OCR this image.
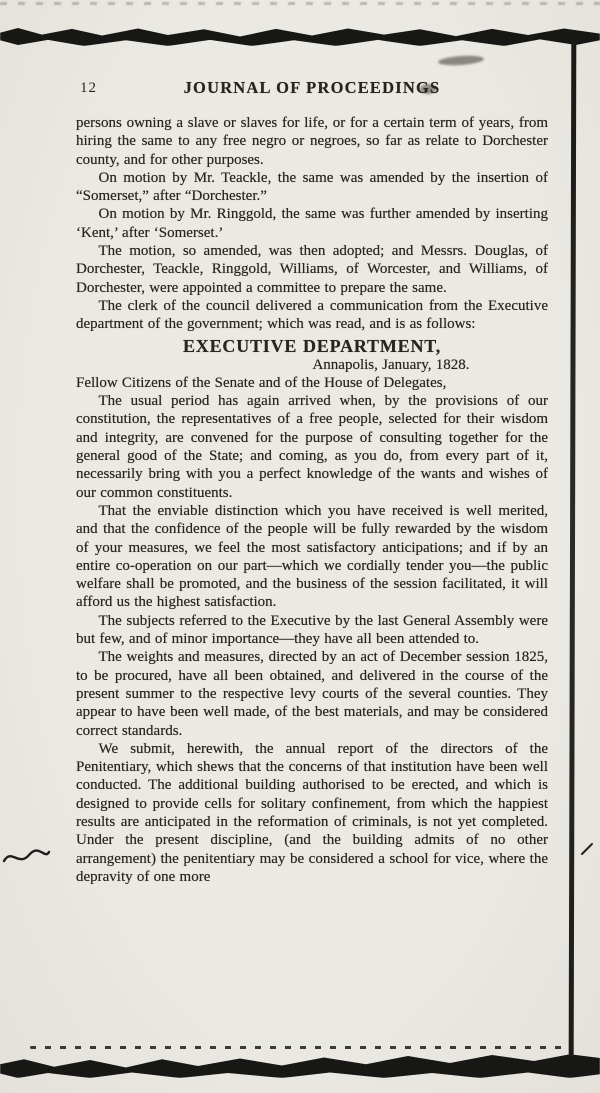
12	JOURNAL OF PROCEEDINGS

persons owning a slave or slaves for life, or for a certain term of years, from hiring the same to any free negro or negroes, so far as relate to Dorchester county, and for other purposes.

On motion by Mr. Teackle, the same was amended by the insertion of “Somerset,” after “Dorchester.”

On motion by Mr. Ringgold, the same was further amended by inserting ‘Kent,’ after ‘Somerset.’

The motion, so amended, was then adopted; and Messrs. Douglas, of Dorchester, Teackle, Ringgold, Williams, of Worcester, and Williams, of Dorchester, were appointed a committee to prepare the same.

The clerk of the council delivered a communication from the Executive department of the government; which was read, and is as follows:

EXECUTIVE DEPARTMENT,
Annapolis, January, 1828.

Fellow Citizens of the Senate and of the House of Delegates,

The usual period has again arrived when, by the provisions of our constitution, the representatives of a free people, selected for their wisdom and integrity, are convened for the purpose of consulting together for the general good of the State; and coming, as you do, from every part of it, necessarily bring with you a perfect knowledge of the wants and wishes of our common constituents.

That the enviable distinction which you have received is well merited, and that the confidence of the people will be fully rewarded by the wisdom of your measures, we feel the most satisfactory anticipations; and if by an entire co-operation on our part—which we cordially tender you—the public welfare shall be promoted, and the business of the session facilitated, it will afford us the highest satisfaction.

The subjects referred to the Executive by the last General Assembly were but few, and of minor importance—they have all been attended to.

The weights and measures, directed by an act of December session 1825, to be procured, have all been obtained, and delivered in the course of the present summer to the respective levy courts of the several counties. They appear to have been well made, of the best materials, and may be considered correct standards.

We submit, herewith, the annual report of the directors of the Penitentiary, which shews that the concerns of that institution have been well conducted. The additional building authorised to be erected, and which is designed to provide cells for solitary confinement, from which the happiest results are anticipated in the reformation of criminals, is not yet completed. Under the present discipline, (and the building admits of no other arrangement) the penitentiary may be considered a school for vice, where the depravity of one more
